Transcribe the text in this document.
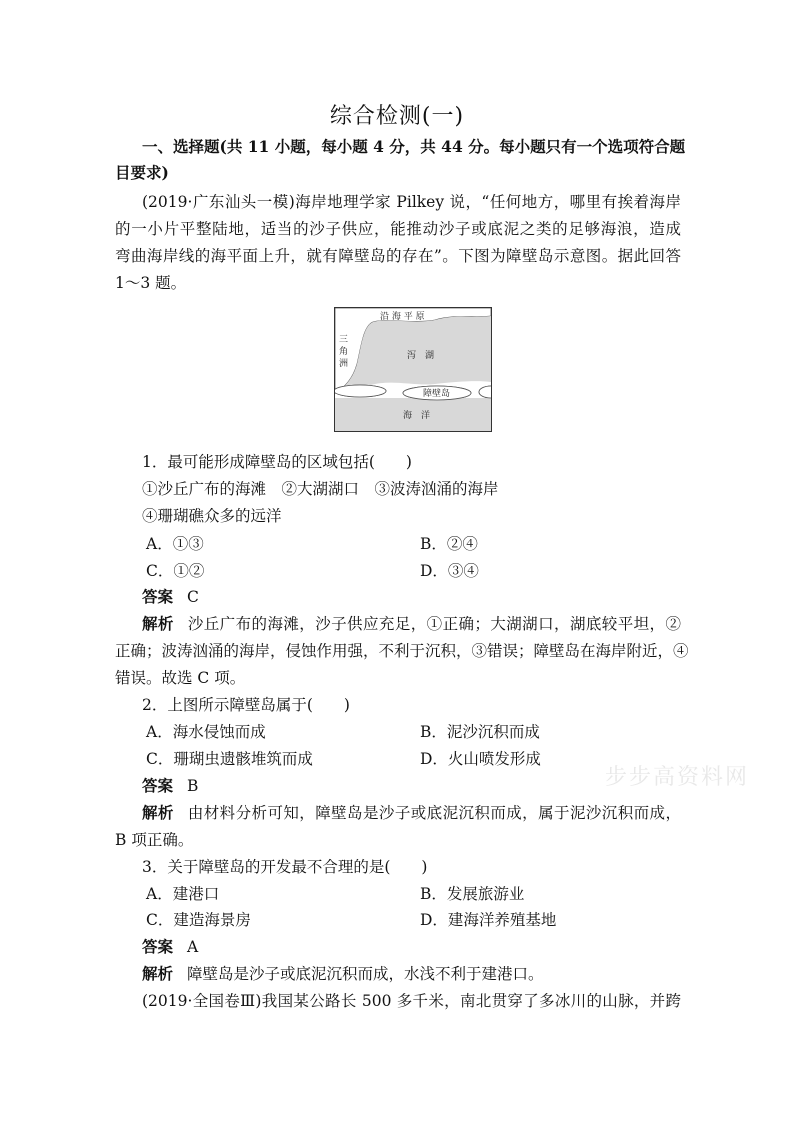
综合检测(一)
一、选择题(共 11 小题，每小题 4 分，共 44 分。每小题只有一个选项符合题
目要求)
(2019·广东汕头一模)海岸地理学家 Pilkey 说，“任何地方，哪里有挨着海岸
的一小片平整陆地，适当的沙子供应，能推动沙子或底泥之类的足够海浪，造成
弯曲海岸线的海平面上升，就有障壁岛的存在”。下图为障壁岛示意图。据此回答
1～3 题。
沿 海 平 原
三
角
洲
泻　湖
障壁岛
海　洋
1．最可能形成障壁岛的区域包括(　　)
①沙丘广布的海滩　②大湖湖口　③波涛汹涌的海岸
④珊瑚礁众多的远洋
A．①③	B．②④
C．①②	D．③④
答案 C
解析 沙丘广布的海滩，沙子供应充足，①正确；大湖湖口，湖底较平坦，②
正确；波涛汹涌的海岸，侵蚀作用强，不利于沉积，③错误；障壁岛在海岸附近，④
错误。故选 C 项。
2．上图所示障壁岛属于(　　)
A．海水侵蚀而成	B．泥沙沉积而成
C．珊瑚虫遗骸堆筑而成	D．火山喷发形成
答案 B
解析 由材料分析可知，障壁岛是沙子或底泥沉积而成，属于泥沙沉积而成，
B 项正确。
3．关于障壁岛的开发最不合理的是(　　)
A．建港口	B．发展旅游业
C．建造海景房	D．建海洋养殖基地
答案 A
解析 障壁岛是沙子或底泥沉积而成，水浅不利于建港口。
(2019·全国卷Ⅲ)我国某公路长 500 多千米，南北贯穿了多冰川的山脉，并跨
步步高资料网
